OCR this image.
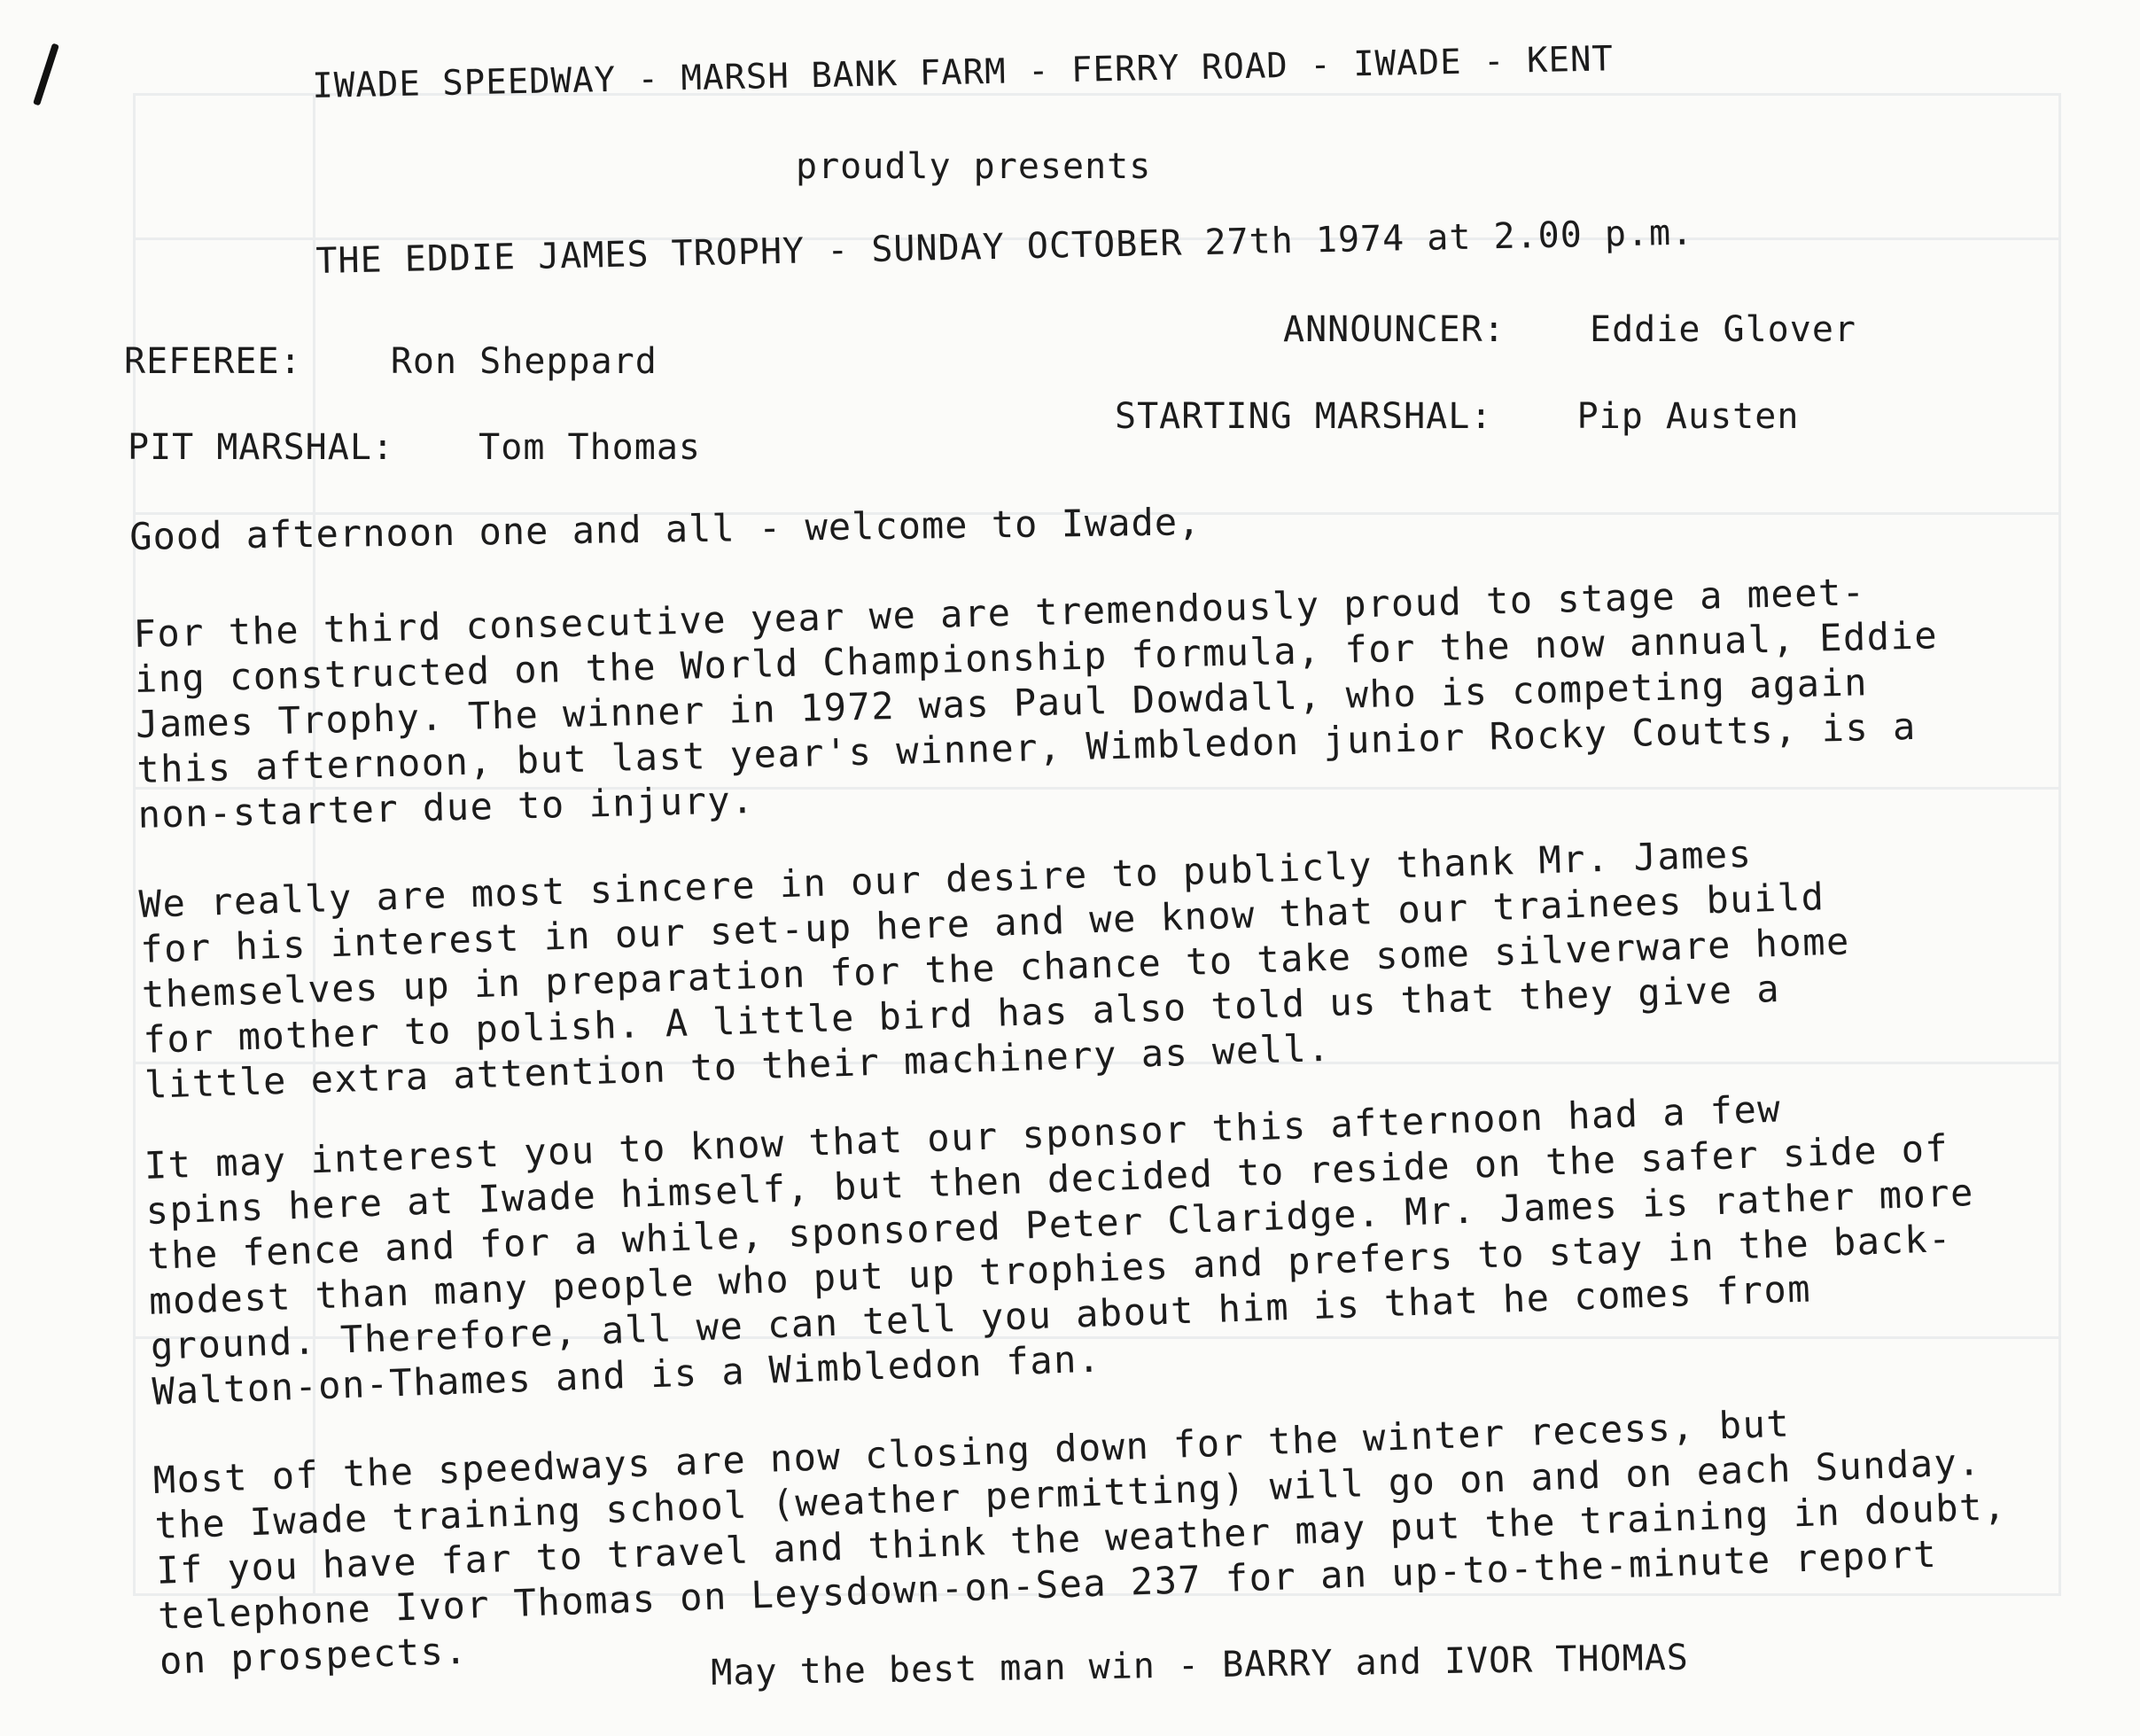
IWADE SPEEDWAY - MARSH BANK FARM - FERRY ROAD - IWADE - KENT
proudly presents
THE EDDIE JAMES TROPHY - SUNDAY OCTOBER 27th 1974 at 2.00 p.m.
REFEREE:	Ron Sheppard
ANNOUNCER: Eddie Glover
PIT MARSHAL: Tom Thomas
STARTING MARSHAL: Pip Austen
Good afternoon one and all - welcome to Iwade,
For the third consecutive year we are tremendously proud to stage a meet-
ing constructed on the World Championship formula, for the now annual, Eddie
James Trophy. The winner in 1972 was Paul Dowdall, who is competing again
this afternoon, but last year's winner, Wimbledon junior Rocky Coutts, is a
non-starter due to injury.
We really are most sincere in our desire to publicly thank Mr. James
for his interest in our set-up here and we know that our trainees build
themselves up in preparation for the chance to take some silverware home
for mother to polish. A little bird has also told us that they give a
little extra attention to their machinery as well.
It may interest you to know that our sponsor this afternoon had a few
spins here at Iwade himself, but then decided to reside on the safer side of
the fence and for a while, sponsored Peter Claridge. Mr. James is rather more
modest than many people who put up trophies and prefers to stay in the back-
ground. Therefore, all we can tell you about him is that he comes from
Walton-on-Thames and is a Wimbledon fan.
Most of the speedways are now closing down for the winter recess, but
the Iwade training school (weather permitting) will go on and on each Sunday.
If you have far to travel and think the weather may put the training in doubt,
telephone Ivor Thomas on Leysdown-on-Sea 237 for an up-to-the-minute report
on prospects.	May the best man win - BARRY and IVOR THOMAS
